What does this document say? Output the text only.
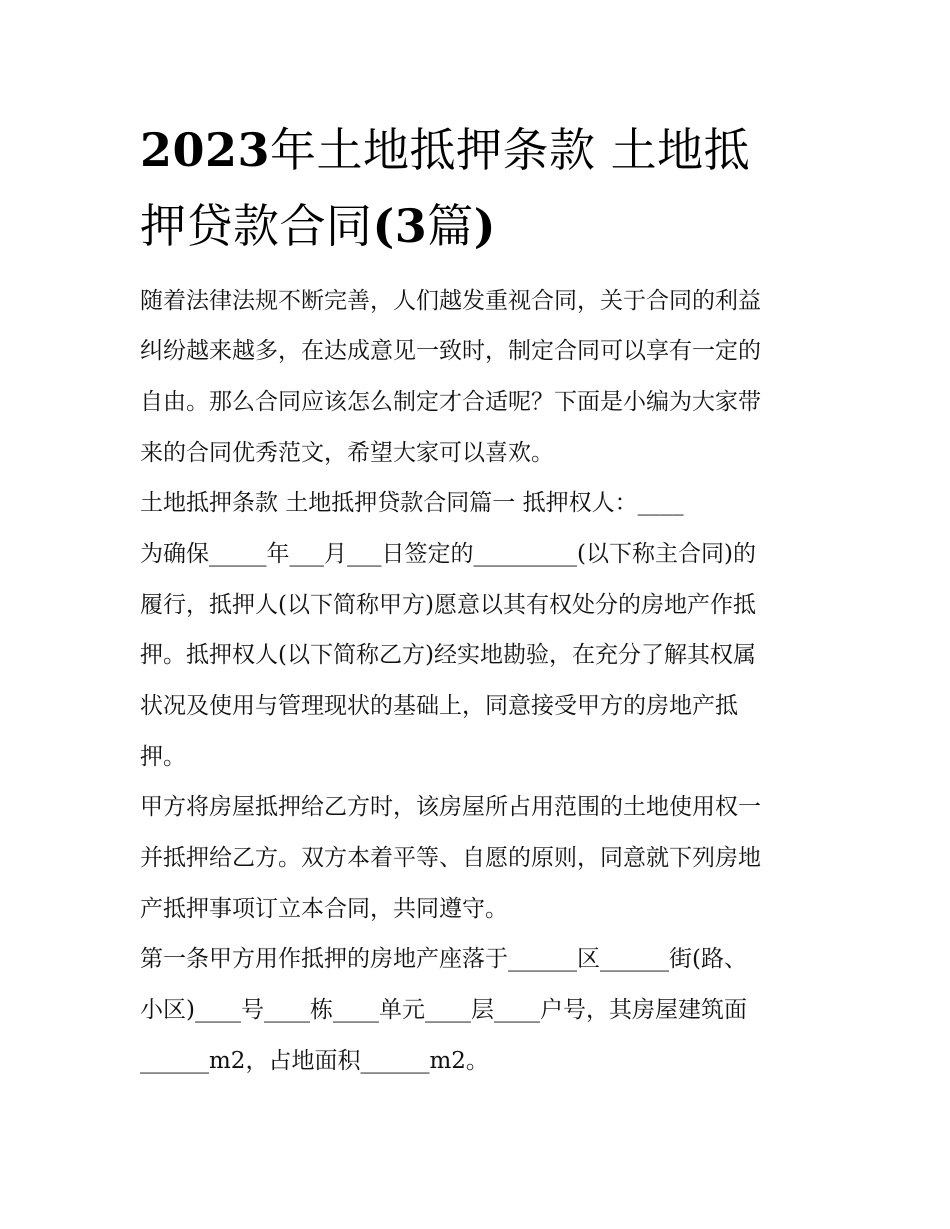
2023年土地抵押条款 土地抵
押贷款合同(3篇)
随着法律法规不断完善，人们越发重视合同，关于合同的利益
纠纷越来越多，在达成意见一致时，制定合同可以享有一定的
自由。那么合同应该怎么制定才合适呢？下面是小编为大家带
来的合同优秀范文，希望大家可以喜欢。
土地抵押条款 土地抵押贷款合同篇一 抵押权人：____
为确保_____年___月___日签定的_________(以下称主合同)的
履行，抵押人(以下简称甲方)愿意以其有权处分的房地产作抵
押。抵押权人(以下简称乙方)经实地勘验，在充分了解其权属
状况及使用与管理现状的基础上，同意接受甲方的房地产抵
押。
甲方将房屋抵押给乙方时，该房屋所占用范围的土地使用权一
并抵押给乙方。双方本着平等、自愿的原则，同意就下列房地
产抵押事项订立本合同，共同遵守。
第一条甲方用作抵押的房地产座落于______区______街(路、
小区)____号____栋____单元____层____户号，其房屋建筑面
______m2，占地面积______m2。
